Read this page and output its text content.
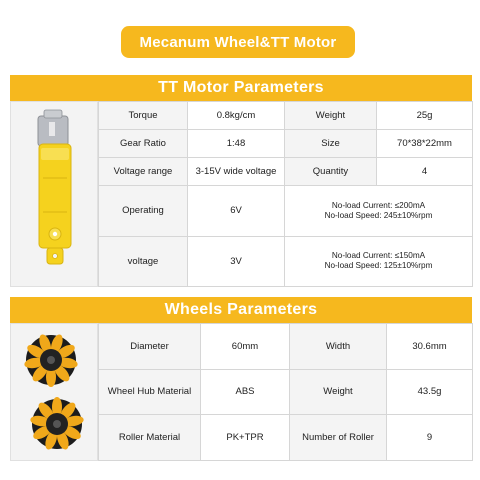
Mecanum Wheel&TT Motor
TT Motor Parameters
Torque	0.8kg/cm	Weight	25g
Gear Ratio	1:48	Size	70*38*22mm
Voltage range	3-15V wide voltage	Quantity	4
Operating	6V	No-load Current: ≤200mA
No-load Speed: 245±10%rpm	

voltage	3V	No-load Current: ≤150mA
No-load Speed: 125±10%rpm	
Wheels Parameters
Diameter	60mm	Width	30.6mm
Wheel Hub Material	ABS	Weight	43.5g
Roller Material	PK+TPR	Number of Roller	9
